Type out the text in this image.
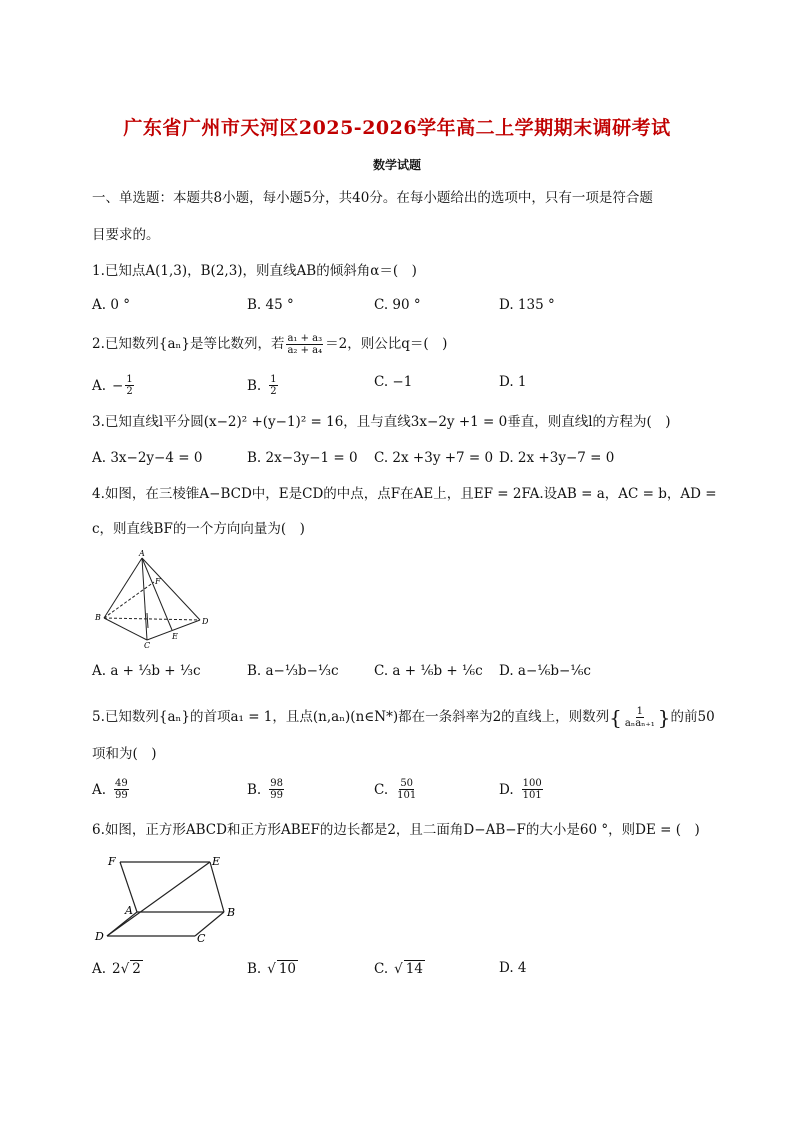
广东省广州市天河区2025-2026学年高二上学期期末调研考试
数学试题
一、单选题：本题共8小题，每小题5分，共40分。在每小题给出的选项中，只有一项是符合题
目要求的。
1.已知点A(1,3)，B(2,3)，则直线AB的倾斜角α＝(　)
A. 0 °	B. 45 °	C. 90 °	D. 135 °
2.已知数列{aₙ}是等比数列，若 $\frac{\text{a₁ + a₃}}{\text{a₂ + a₄}} =2$，则公比q＝(　)
A. − $\frac{1}{2}$	B. $\frac{1}{2}$	C. −1	D. 1
3.已知直线l平分圆(x−2)² +(y−1)² = 16，且与直线3x−2y +1 = 0垂直，则直线l的方程为(　)
A. 3x−2y−4 = 0	B. 2x−3y−1 = 0 C. 2x +3y +7 = 0 D. 2x +3y−7 = 0
4.如图，在三棱锥A−BCD中，E是CD的中点，点F在AE上，且EF = 2FA.设AB = a，AC = b，AD =
c，则直线BF的一个方向向量为(　)
A
F
B
C
E
D
A. a + ⅓b + ⅓c	B. a−⅓b−⅓c	C. a + ⅙b + ⅙c D. a−⅙b−⅙c
5.已知数列{aₙ}的首项a₁ = 1，且点(n,aₙ)(n∈N*)都在一条斜率为2的直线上，则数列{ $\frac{1}{\text{aₙaₙ₊₁}}$ }的前50
项和为(　)
A. $\frac{49}{99}$	B. $\frac{98}{99}$	C. $\frac{50}{101}$	D. $\frac{100}{101}$
6.如图，正方形ABCD和正方形ABEF的边长都是2，且二面角D−AB−F的大小是60 °，则DE = (　)
F	E
A	B
D	C
A. 2 √ 2	B. √ 10	C. √ 14	D. 4
